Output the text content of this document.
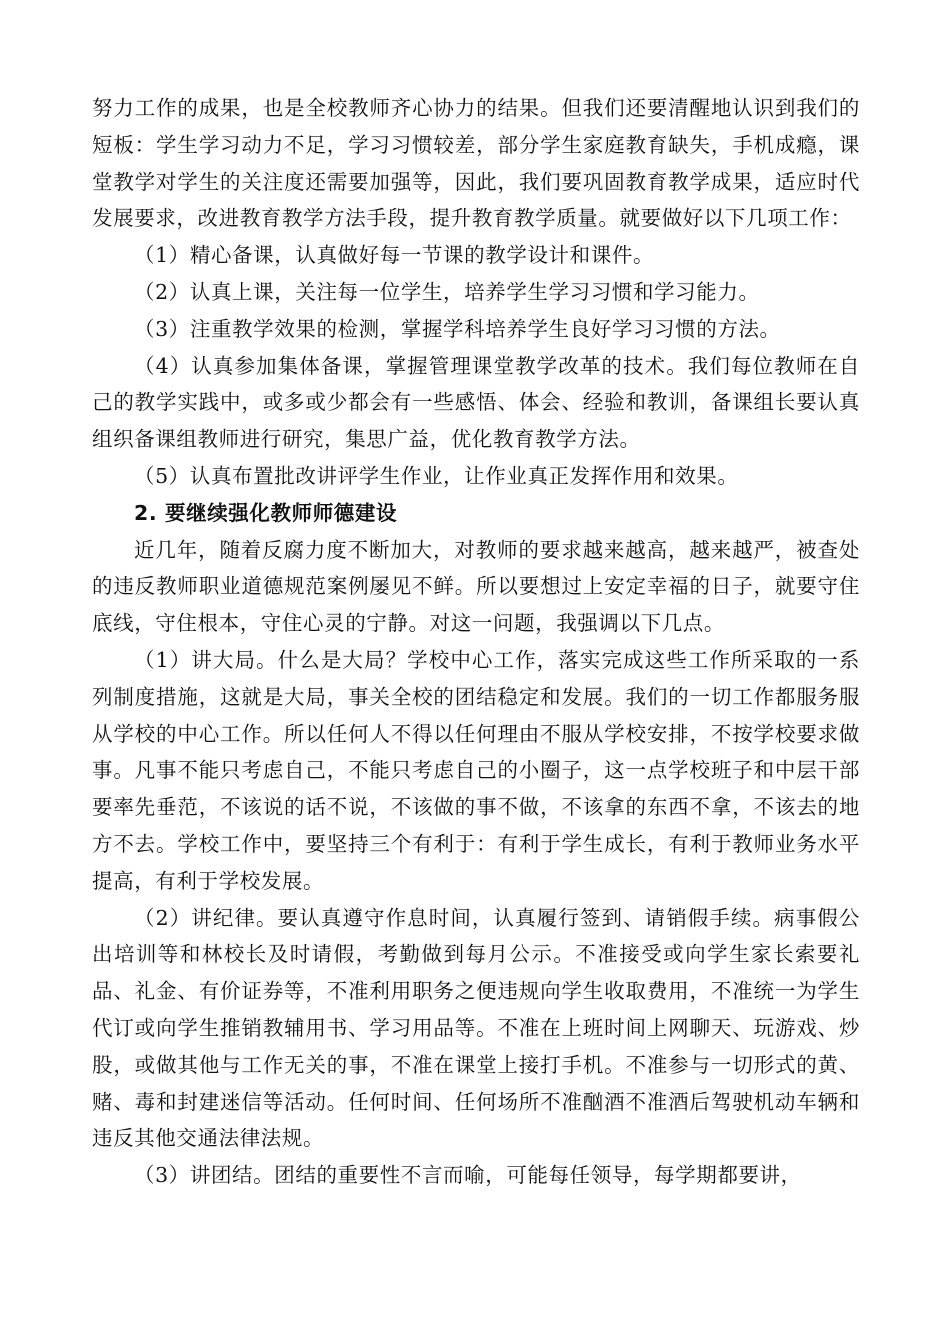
努力工作的成果，也是全校教师齐心协力的结果。但我们还要清醒地认识到我们的短板：学生学习动力不足，学习习惯较差，部分学生家庭教育缺失，手机成瘾，课堂教学对学生的关注度还需要加强等，因此，我们要巩固教育教学成果，适应时代发展要求，改进教育教学方法手段，提升教育教学质量。就要做好以下几项工作：

（1）精心备课，认真做好每一节课的教学设计和课件。

（2）认真上课，关注每一位学生，培养学生学习习惯和学习能力。

（3）注重教学效果的检测，掌握学科培养学生良好学习习惯的方法。

（4）认真参加集体备课，掌握管理课堂教学改革的技术。我们每位教师在自己的教学实践中，或多或少都会有一些感悟、体会、经验和教训，备课组长要认真组织备课组教师进行研究，集思广益，优化教育教学方法。

（5）认真布置批改讲评学生作业，让作业真正发挥作用和效果。

2. 要继续强化教师师德建设

近几年，随着反腐力度不断加大，对教师的要求越来越高，越来越严，被查处的违反教师职业道德规范案例屡见不鲜。所以要想过上安定幸福的日子，就要守住底线，守住根本，守住心灵的宁静。对这一问题，我强调以下几点。

（1）讲大局。什么是大局？学校中心工作，落实完成这些工作所采取的一系列制度措施，这就是大局，事关全校的团结稳定和发展。我们的一切工作都服务服从学校的中心工作。所以任何人不得以任何理由不服从学校安排，不按学校要求做事。凡事不能只考虑自己，不能只考虑自己的小圈子，这一点学校班子和中层干部要率先垂范，不该说的话不说，不该做的事不做，不该拿的东西不拿，不该去的地方不去。学校工作中，要坚持三个有利于：有利于学生成长，有利于教师业务水平提高，有利于学校发展。

（2）讲纪律。要认真遵守作息时间，认真履行签到、请销假手续。病事假公出培训等和林校长及时请假，考勤做到每月公示。不准接受或向学生家长索要礼品、礼金、有价证券等，不准利用职务之便违规向学生收取费用，不准统一为学生代订或向学生推销教辅用书、学习用品等。不准在上班时间上网聊天、玩游戏、炒股，或做其他与工作无关的事，不准在课堂上接打手机。不准参与一切形式的黄、赌、毒和封建迷信等活动。任何时间、任何场所不准酗酒不准酒后驾驶机动车辆和违反其他交通法律法规。

（3）讲团结。团结的重要性不言而喻，可能每任领导，每学期都要讲，
